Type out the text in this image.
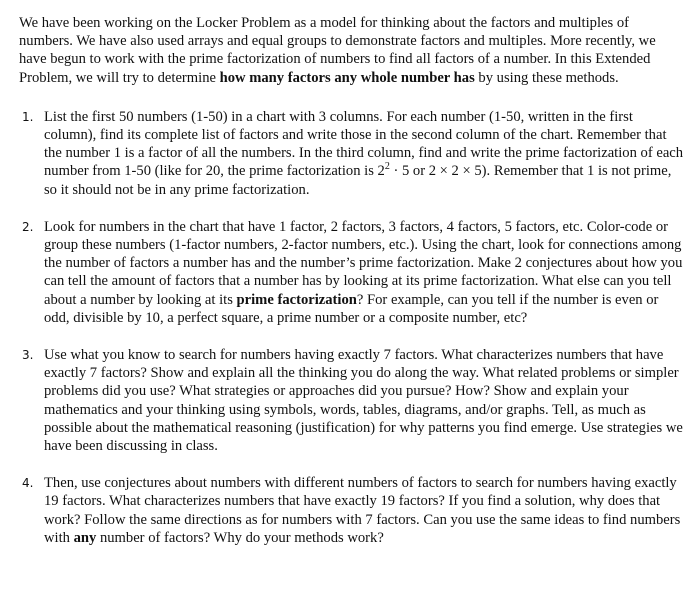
We have been working on the Locker Problem as a model for thinking about the factors and multiples of numbers. We have also used arrays and equal groups to demonstrate factors and multiples. More recently, we have begun to work with the prime factorization of numbers to find all factors of a number. In this Extended Problem, we will try to determine how many factors any whole number has by using these methods.

1. List the first 50 numbers (1-50) in a chart with 3 columns. For each number (1-50, written in the first column), find its complete list of factors and write those in the second column of the chart. Remember that the number 1 is a factor of all the numbers. In the third column, find and write the prime factorization of each number from 1-50 (like for 20, the prime factorization is $2^2 \cdot 5$ or 2 × 2 × 5). Remember that 1 is not prime, so it should not be in any prime factorization.
2. Look for numbers in the chart that have 1 factor, 2 factors, 3 factors, 4 factors, 5 factors, etc. Color-code or group these numbers (1-factor numbers, 2-factor numbers, etc.). Using the chart, look for connections among the number of factors a number has and the number’s prime factorization. Make 2 conjectures about how you can tell the amount of factors that a number has by looking at its prime factorization. What else can you tell about a number by looking at its prime factorization? For example, can you tell if the number is even or odd, divisible by 10, a perfect square, a prime number or a composite number, etc?
3. Use what you know to search for numbers having exactly 7 factors. What characterizes numbers that have exactly 7 factors? Show and explain all the thinking you do along the way. What related problems or simpler problems did you use? What strategies or approaches did you pursue? How? Show and explain your mathematics and your thinking using symbols, words, tables, diagrams, and/or graphs. Tell, as much as possible about the mathematical reasoning (justification) for why patterns you find emerge. Use strategies we have been discussing in class.
4. Then, use conjectures about numbers with different numbers of factors to search for numbers having exactly 19 factors. What characterizes numbers that have exactly 19 factors? If you find a solution, why does that work? Follow the same directions as for numbers with 7 factors. Can you use the same ideas to find numbers with any number of factors? Why do your methods work?
